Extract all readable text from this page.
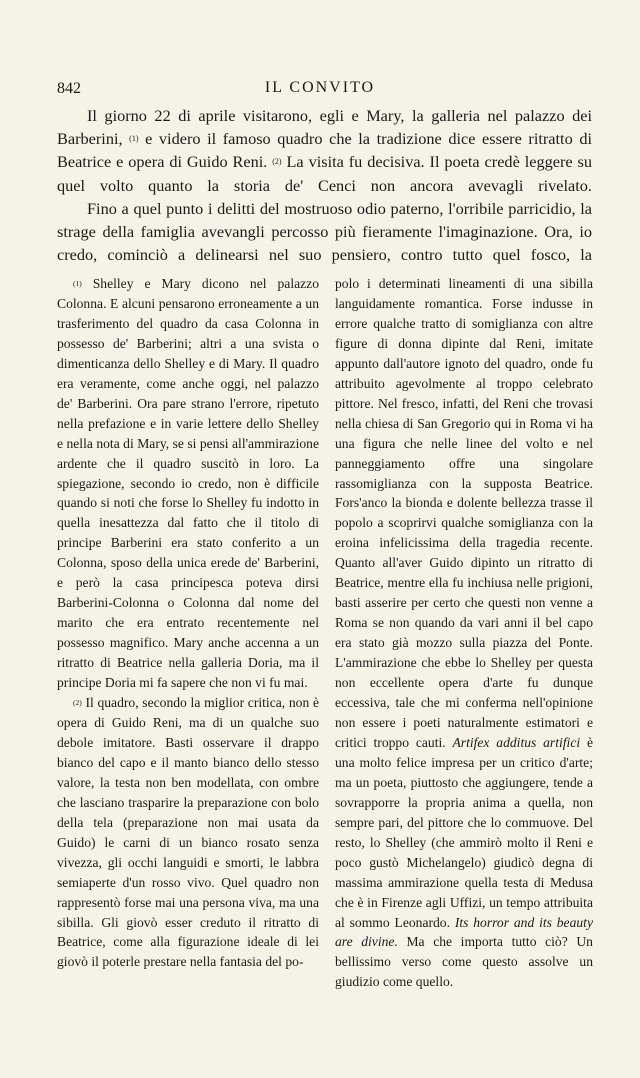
842	IL CONVITO

Il giorno 22 di aprile visitarono, egli e Mary, la galleria nel palazzo dei Barberini, (1) e videro il famoso quadro che la tradizione dice essere ritratto di Beatrice e opera di Guido Reni. (2) La visita fu decisiva. Il poeta credè leggere su quel volto quanto la storia de' Cenci non ancora avevagli rivelato.

Fino a quel punto i delitti del mostruoso odio paterno, l'orribile parricidio, la strage della famiglia avevangli percosso più fieramente l'imaginazione. Ora, io credo, cominciò a delinearsi nel suo pensiero, contro tutto quel fosco, la

(1) Shelley e Mary dicono nel palazzo Colonna. E alcuni pensarono erroneamente a un trasferimento del quadro da casa Colonna in possesso de' Barberini; altri a una svista o dimenticanza dello Shelley e di Mary. Il quadro era veramente, come anche oggi, nel palazzo de' Barberini. Ora pare strano l'errore, ripetuto nella prefazione e in varie lettere dello Shelley e nella nota di Mary, se si pensi all'ammirazione ardente che il quadro suscitò in loro. La spiegazione, secondo io credo, non è difficile quando si noti che forse lo Shelley fu indotto in quella inesattezza dal fatto che il titolo di principe Barberini era stato conferito a un Colonna, sposo della unica erede de' Barberini, e però la casa principesca poteva dirsi Barberini-Colonna o Colonna dal nome del marito che era entrato recentemente nel possesso magnifico. Mary anche accenna a un ritratto di Beatrice nella galleria Doria, ma il principe Doria mi fa sapere che non vi fu mai.

(2) Il quadro, secondo la miglior critica, non è opera di Guido Reni, ma di un qualche suo debole imitatore. Basti osservare il drappo bianco del capo e il manto bianco dello stesso valore, la testa non ben modellata, con ombre che lasciano trasparire la preparazione con bolo della tela (preparazione non mai usata da Guido) le carni di un bianco rosato senza vivezza, gli occhi languidi e smorti, le labbra semiaperte d'un rosso vivo. Quel quadro non rappresentò forse mai una persona viva, ma una sibilla. Gli giovò esser creduto il ritratto di Beatrice, come alla figurazione ideale di lei giovò il poterle prestare nella fantasia del po-

polo i determinati lineamenti di una sibilla languidamente romantica. Forse indusse in errore qualche tratto di somiglianza con altre figure di donna dipinte dal Reni, imitate appunto dall'autore ignoto del quadro, onde fu attribuito agevolmente al troppo celebrato pittore. Nel fresco, infatti, del Reni che trovasi nella chiesa di San Gregorio qui in Roma vi ha una figura che nelle linee del volto e nel panneggiamento offre una singolare rassomiglianza con la supposta Beatrice. Fors'anco la bionda e dolente bellezza trasse il popolo a scoprirvi qualche somiglianza con la eroina infelicissima della tragedia recente. Quanto all'aver Guido dipinto un ritratto di Beatrice, mentre ella fu inchiusa nelle prigioni, basti asserire per certo che questi non venne a Roma se non quando da vari anni il bel capo era stato già mozzo sulla piazza del Ponte. L'ammirazione che ebbe lo Shelley per questa non eccellente opera d'arte fu dunque eccessiva, tale che mi conferma nell'opinione non essere i poeti naturalmente estimatori e critici troppo cauti. Artifex additus artifici è una molto felice impresa per un critico d'arte; ma un poeta, piuttosto che aggiungere, tende a sovrapporre la propria anima a quella, non sempre pari, del pittore che lo commuove. Del resto, lo Shelley (che ammirò molto il Reni e poco gustò Michelangelo) giudicò degna di massima ammirazione quella testa di Medusa che è in Firenze agli Uffizi, un tempo attribuita al sommo Leonardo. Its horror and its beauty are divine. Ma che importa tutto ciò? Un bellissimo verso come questo assolve un giudizio come quello.
